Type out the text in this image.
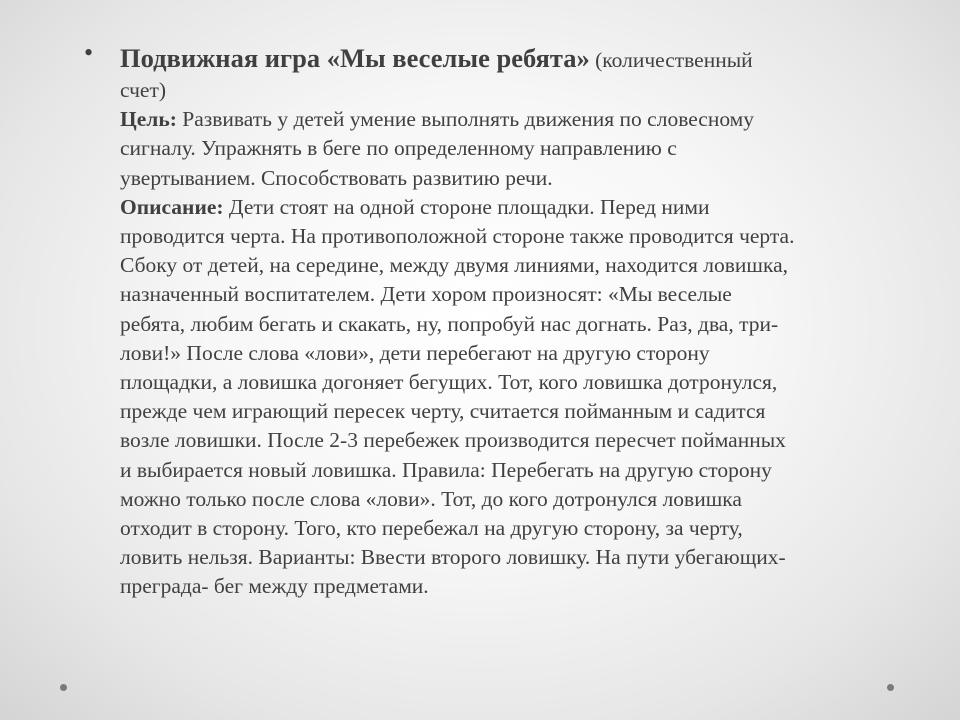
• Подвижная игра «Мы веселые ребята» (количественный
счет)
Цель: Развивать у детей умение выполнять движения по словесному
сигналу. Упражнять в беге по определенному направлению с
увертыванием. Способствовать развитию речи.
Описание: Дети стоят на одной стороне площадки. Перед ними
проводится черта. На противоположной стороне также проводится черта.
Сбоку от детей, на середине, между двумя линиями, находится ловишка,
назначенный воспитателем. Дети хором произносят: «Мы веселые
ребята, любим бегать и скакать, ну, попробуй нас догнать. Раз, два, три-
лови!» После слова «лови», дети перебегают на другую сторону
площадки, а ловишка догоняет бегущих. Тот, кого ловишка дотронулся,
прежде чем играющий пересек черту, считается пойманным и садится
возле ловишки. После 2-3 перебежек производится пересчет пойманных
и выбирается новый ловишка. Правила: Перебегать на другую сторону
можно только после слова «лови». Тот, до кого дотронулся ловишка
отходит в сторону. Того, кто перебежал на другую сторону, за черту,
ловить нельзя. Варианты: Ввести второго ловишку. На пути убегающих-
преграда- бег между предметами.
